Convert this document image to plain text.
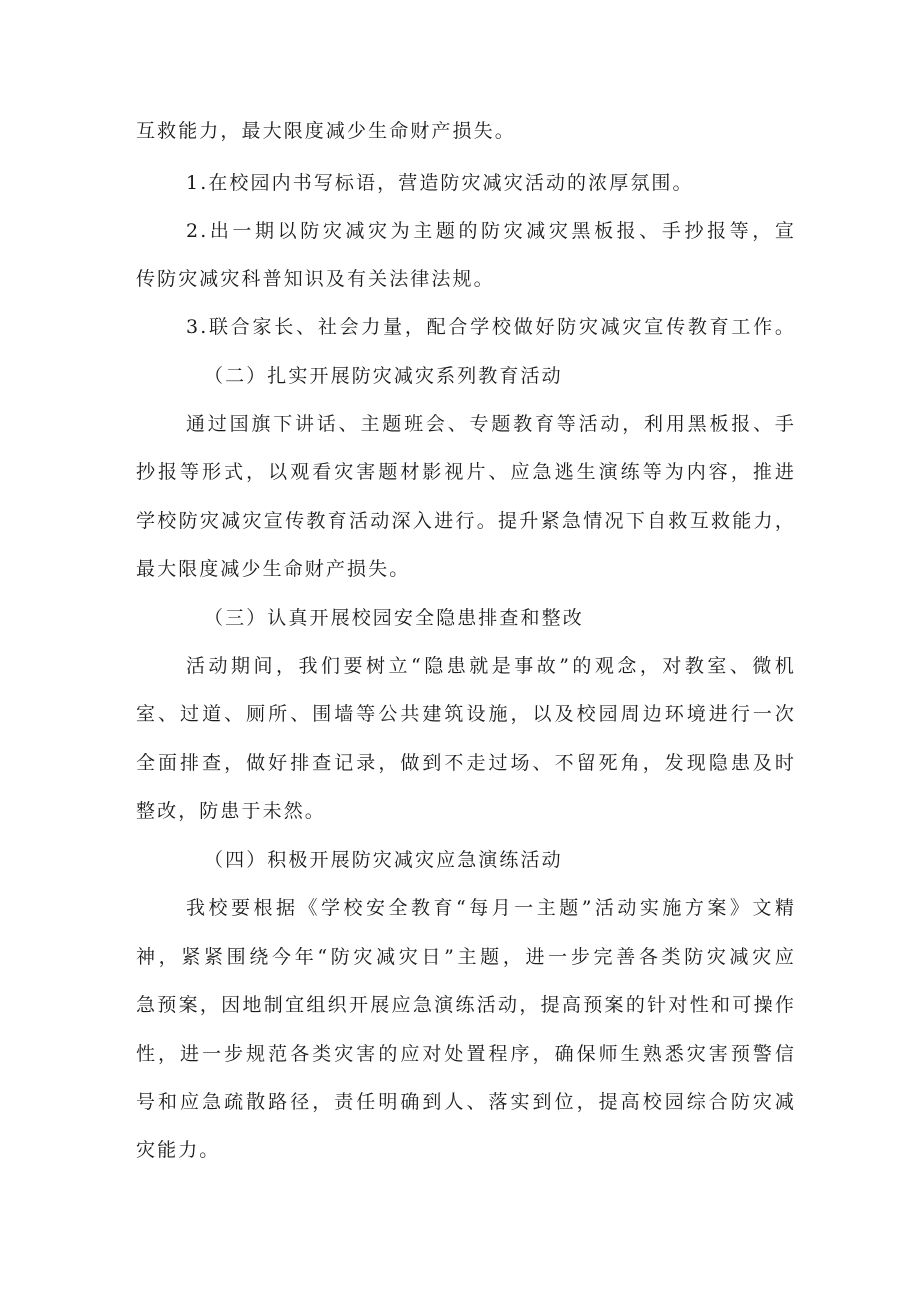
互救能力，最大限度减少生命财产损失。

1.在校园内书写标语，营造防灾减灾活动的浓厚氛围。

2.出一期以防灾减灾为主题的防灾减灾黑板报、手抄报等，宣

传防灾减灾科普知识及有关法律法规。

3.联合家长、社会力量，配合学校做好防灾减灾宣传教育工作。

（二）扎实开展防灾减灾系列教育活动

通过国旗下讲话、主题班会、专题教育等活动，利用黑板报、手

抄报等形式，以观看灾害题材影视片、应急逃生演练等为内容，推进

学校防灾减灾宣传教育活动深入进行。提升紧急情况下自救互救能力，

最大限度减少生命财产损失。

（三）认真开展校园安全隐患排查和整改

活动期间，我们要树立“隐患就是事故”的观念，对教室、微机

室、过道、厕所、围墙等公共建筑设施，以及校园周边环境进行一次

全面排查，做好排查记录，做到不走过场、不留死角，发现隐患及时

整改，防患于未然。

（四）积极开展防灾减灾应急演练活动

我校要根据《学校安全教育“每月一主题”活动实施方案》文精

神，紧紧围绕今年“防灾减灾日”主题，进一步完善各类防灾减灾应

急预案，因地制宜组织开展应急演练活动，提高预案的针对性和可操作

性，进一步规范各类灾害的应对处置程序，确保师生熟悉灾害预警信

号和应急疏散路径，责任明确到人、落实到位，提高校园综合防灾减

灾能力。
